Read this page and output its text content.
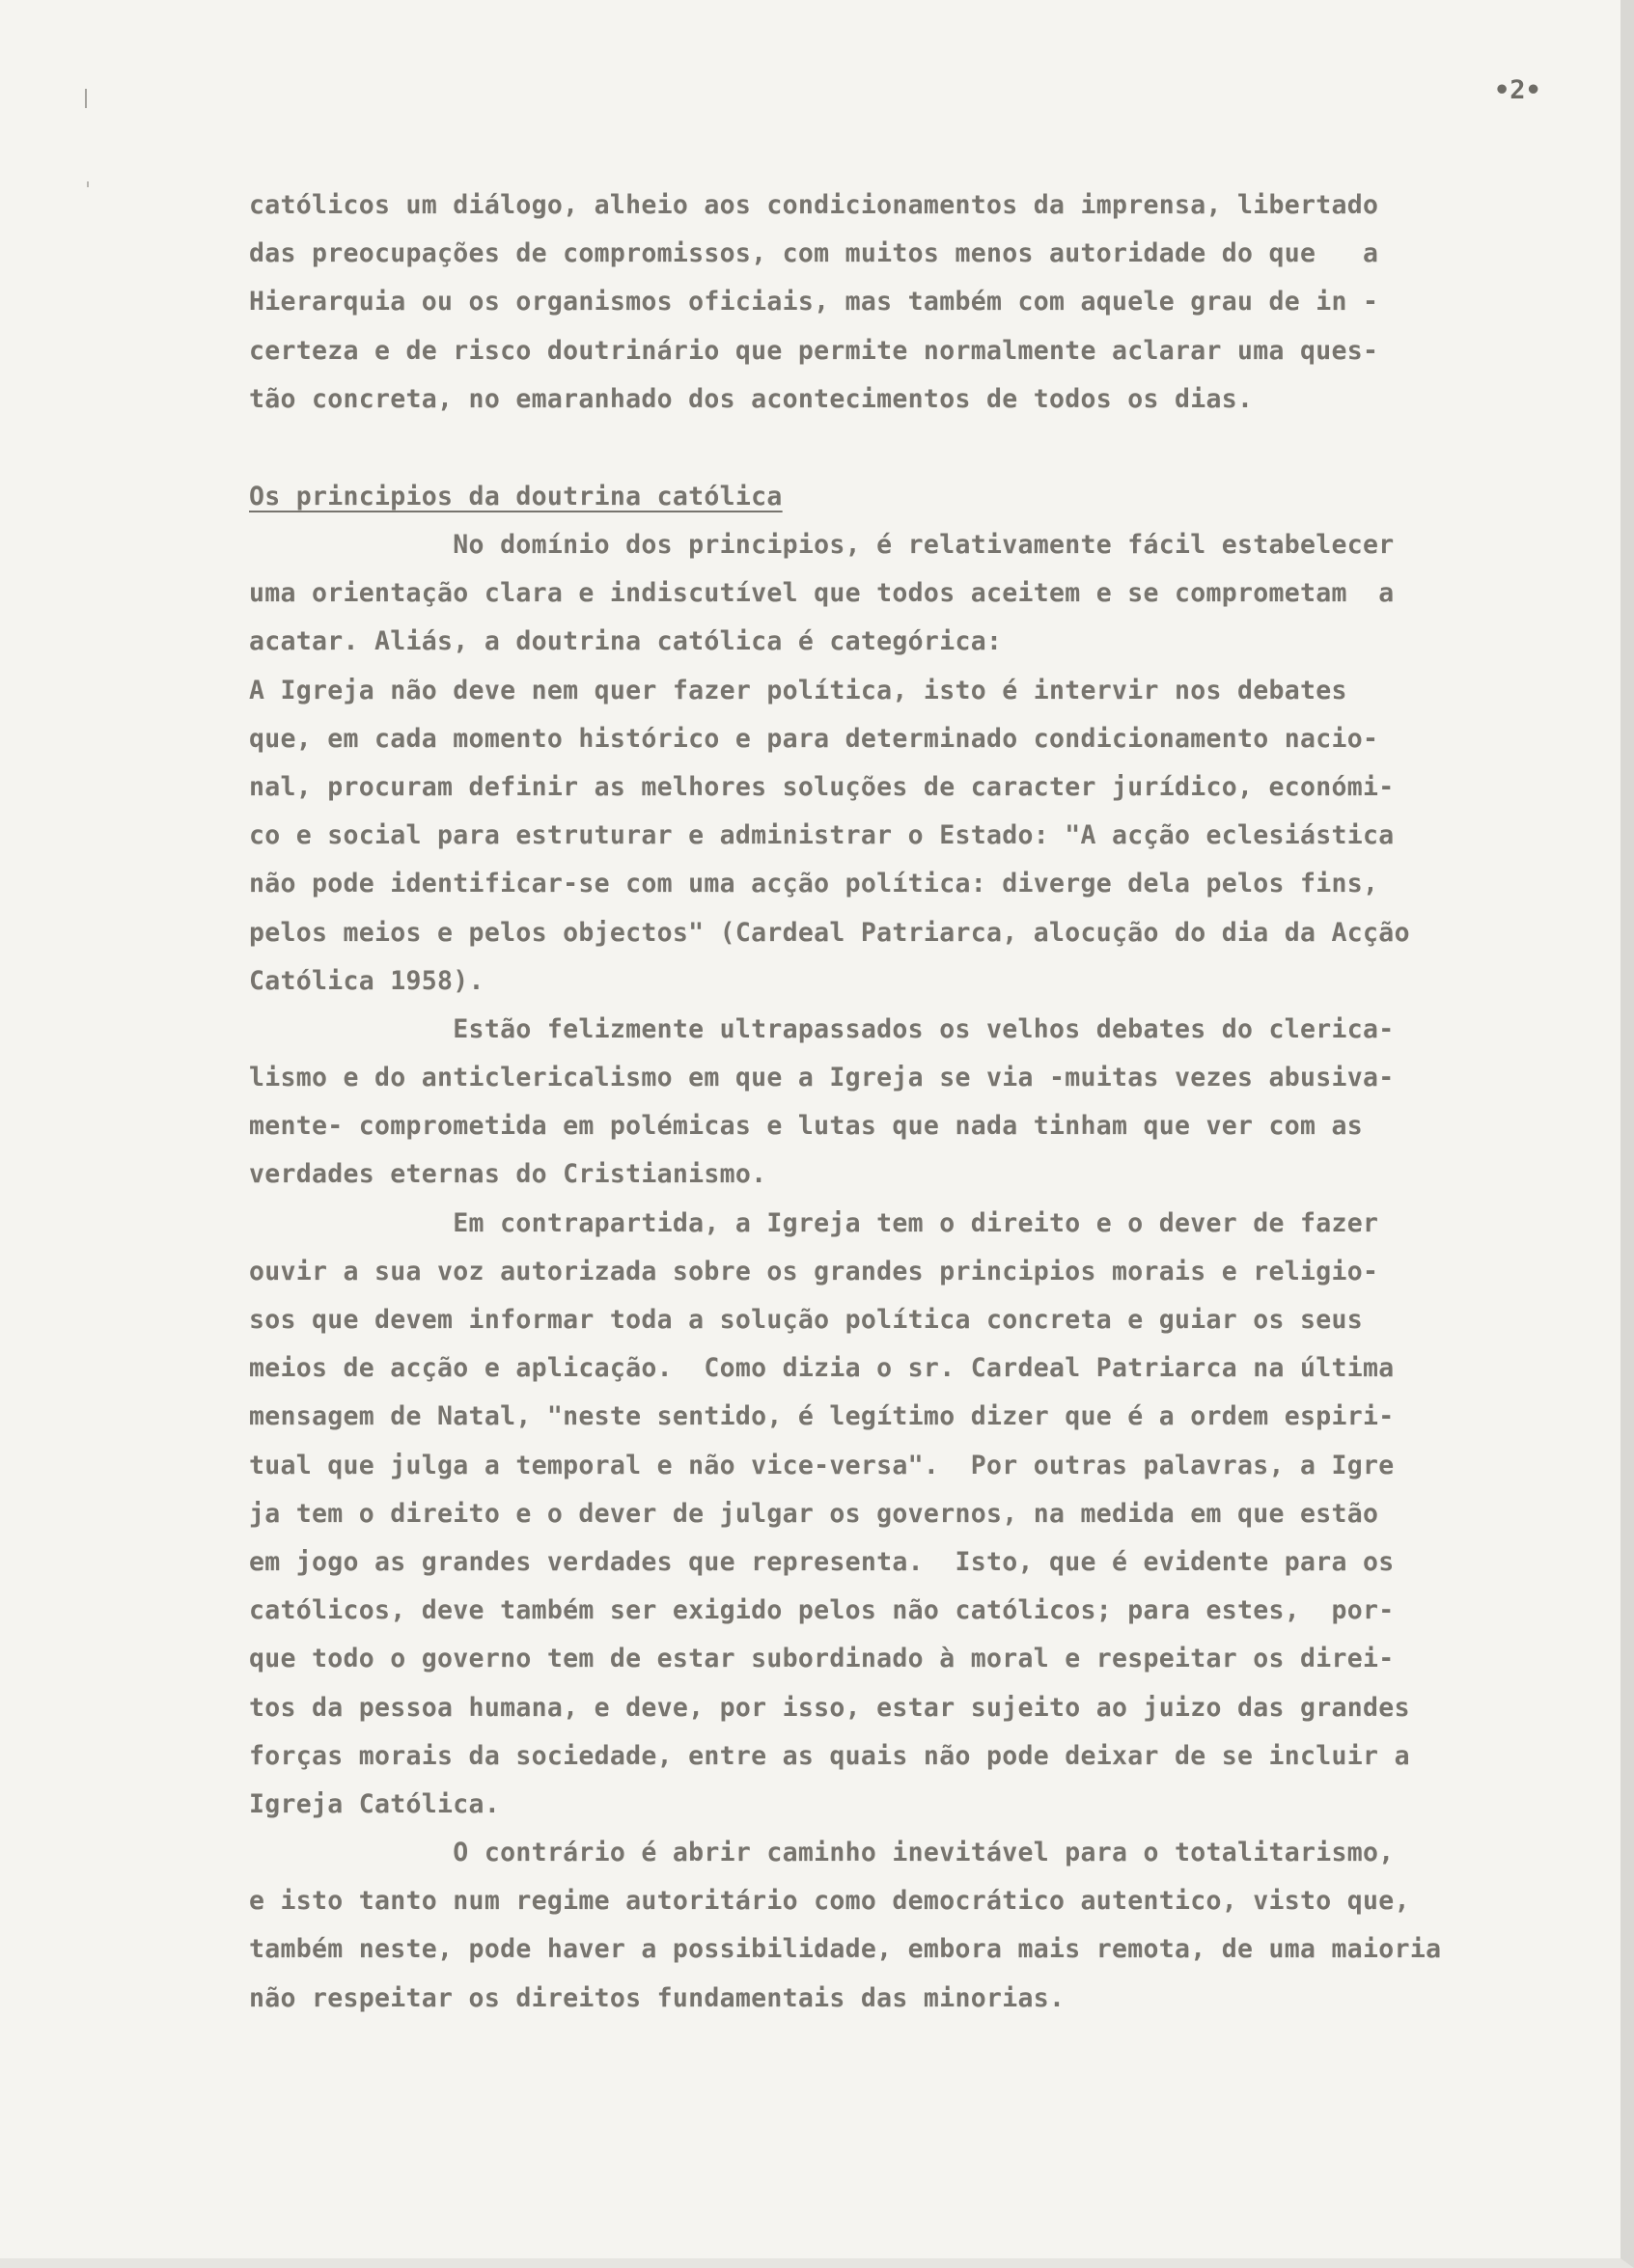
•2•
católicos um diálogo, alheio aos condicionamentos da imprensa, libertado
das preocupações de compromissos, com muitos menos autoridade do que   a
Hierarquia ou os organismos oficiais, mas também com aquele grau de in -
certeza e de risco doutrinário que permite normalmente aclarar uma ques-
tão concreta, no emaranhado dos acontecimentos de todos os dias.
Os principios da doutrina católica
No domínio dos principios, é relativamente fácil estabelecer
uma orientação clara e indiscutível que todos aceitem e se comprometam  a
acatar. Aliás, a doutrina católica é categórica:
A Igreja não deve nem quer fazer política, isto é intervir nos debates
que, em cada momento histórico e para determinado condicionamento nacio-
nal, procuram definir as melhores soluções de caracter jurídico, económi-
co e social para estruturar e administrar o Estado: "A acção eclesiástica
não pode identificar-se com uma acção política: diverge dela pelos fins,
pelos meios e pelos objectos" (Cardeal Patriarca, alocução do dia da Acção
Católica 1958).
Estão felizmente ultrapassados os velhos debates do clerica-
lismo e do anticlericalismo em que a Igreja se via -muitas vezes abusiva-
mente- comprometida em polémicas e lutas que nada tinham que ver com as
verdades eternas do Cristianismo.
Em contrapartida, a Igreja tem o direito e o dever de fazer
ouvir a sua voz autorizada sobre os grandes principios morais e religio-
sos que devem informar toda a solução política concreta e guiar os seus
meios de acção e aplicação.  Como dizia o sr. Cardeal Patriarca na última
mensagem de Natal, "neste sentido, é legítimo dizer que é a ordem espiri-
tual que julga a temporal e não vice-versa".  Por outras palavras, a Igre
ja tem o direito e o dever de julgar os governos, na medida em que estão
em jogo as grandes verdades que representa.  Isto, que é evidente para os
católicos, deve também ser exigido pelos não católicos; para estes,  por-
que todo o governo tem de estar subordinado à moral e respeitar os direi-
tos da pessoa humana, e deve, por isso, estar sujeito ao juizo das grandes
forças morais da sociedade, entre as quais não pode deixar de se incluir a
Igreja Católica.
O contrário é abrir caminho inevitável para o totalitarismo,
e isto tanto num regime autoritário como democrático autentico, visto que,
também neste, pode haver a possibilidade, embora mais remota, de uma maioria
não respeitar os direitos fundamentais das minorias.
